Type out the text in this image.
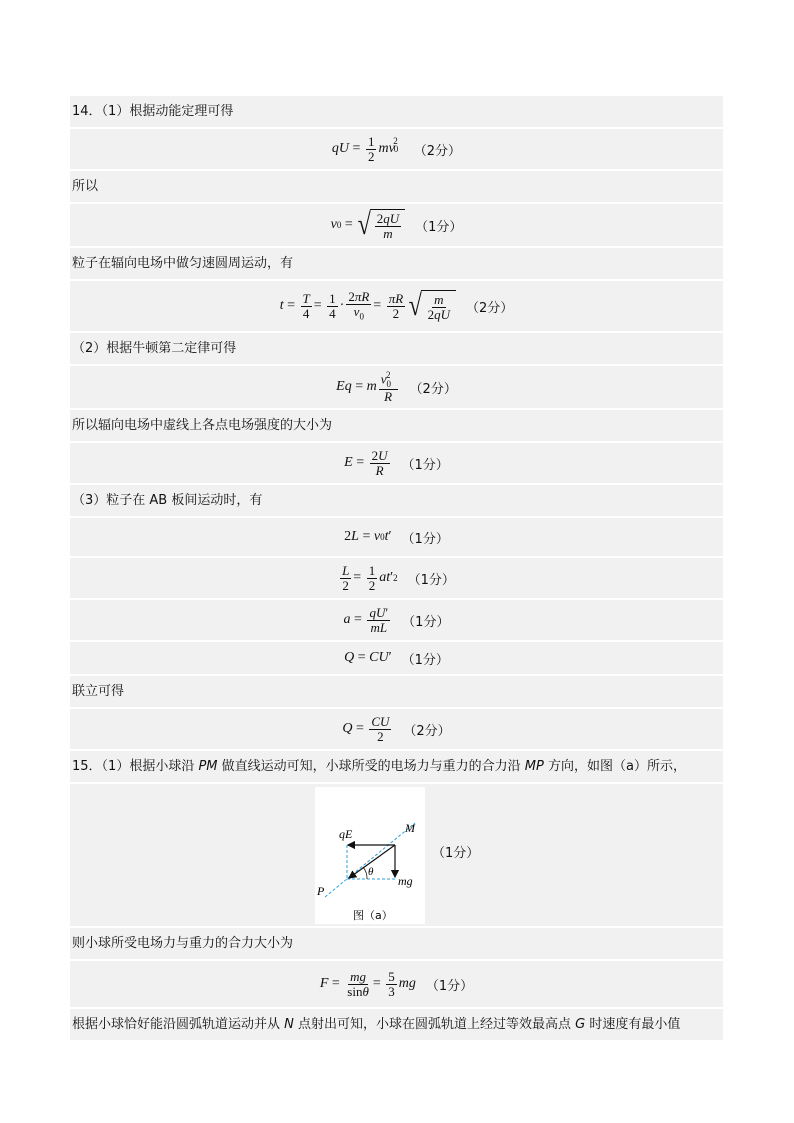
14．（1）根据动能定理可得
qU = $\frac{1}{2}$ mv 0
$^2$
（2分）
所以
v 0 = √ $\frac{2qU}{m} (1$分）
粒子在辐向电场中做匀速圆周运动，有
$t = \frac{T}{4} = \frac{1}{4} \cdot \frac{2\pi R}{v_0} = \frac{\pi R}{2}$ √ $\frac{m}{2qU} (2$分）
（2）根据牛顿第二定律可得
Eq = m $\frac{v_0^2}{R} (2$分）
所以辐向电场中虚线上各点电场强度的大小为
$E = \frac{2U}{R} (1$分）
（3）粒子在 AB 板间运动时，有
2 L = v 0 t ′ （1分）
$\frac{L}{2} = \frac{1}{2}$ at ′ 2 （1分）
$a = \frac{qU'}{mL} (1$分）
Q = CU ′ （1分）
联立可得
$Q = \frac{CU}{2} (2$分）
15．（1）根据小球沿 PM 做直线运动可知，小球所受的电场力与重力的合力沿 MP 方向，如图（a）所示，
qE	M
θ
P
mg
图（a）
（1分）
则小球所受电场力与重力的合力大小为
$F = \frac{mg}{\sin\theta} = \frac{5}{3}$ mg （1分）
根据小球恰好能沿圆弧轨道运动并从 N 点射出可知，小球在圆弧轨道上经过等效最高点 G 时速度有最小值
